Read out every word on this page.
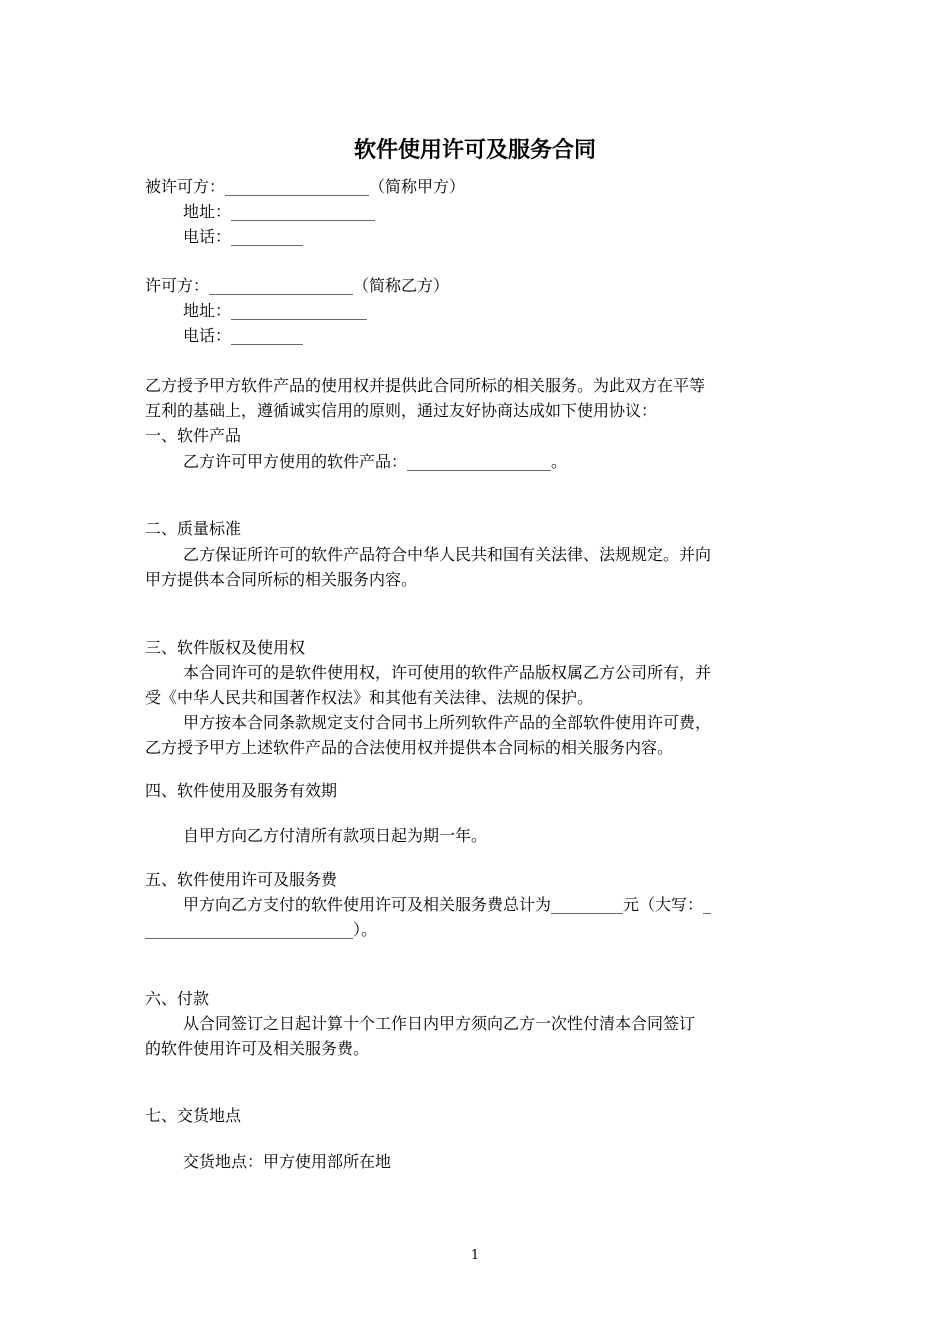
软件使用许可及服务合同
被许可方：__________________（简称甲方）
地址：__________________
电话：_________
许可方：__________________（简称乙方）
地址：_________________
电话：_________
乙方授予甲方软件产品的使用权并提供此合同所标的相关服务。为此双方在平等
互利的基础上，遵循诚实信用的原则，通过友好协商达成如下使用协议：
一、软件产品
乙方许可甲方使用的软件产品：__________________。
二、质量标准
乙方保证所许可的软件产品符合中华人民共和国有关法律、法规规定。并向
甲方提供本合同所标的相关服务内容。
三、软件版权及使用权
本合同许可的是软件使用权，许可使用的软件产品版权属乙方公司所有，并
受《中华人民共和国著作权法》和其他有关法律、法规的保护。
甲方按本合同条款规定支付合同书上所列软件产品的全部软件使用许可费，
乙方授予甲方上述软件产品的合法使用权并提供本合同标的相关服务内容。
四、软件使用及服务有效期
自甲方向乙方付清所有款项日起为期一年。
五、软件使用许可及服务费
甲方向乙方支付的软件使用许可及相关服务费总计为_________元（大写：_
__________________________）。
六、付款
从合同签订之日起计算十个工作日内甲方须向乙方一次性付清本合同签订
的软件使用许可及相关服务费。
七、交货地点
交货地点：甲方使用部所在地
1
